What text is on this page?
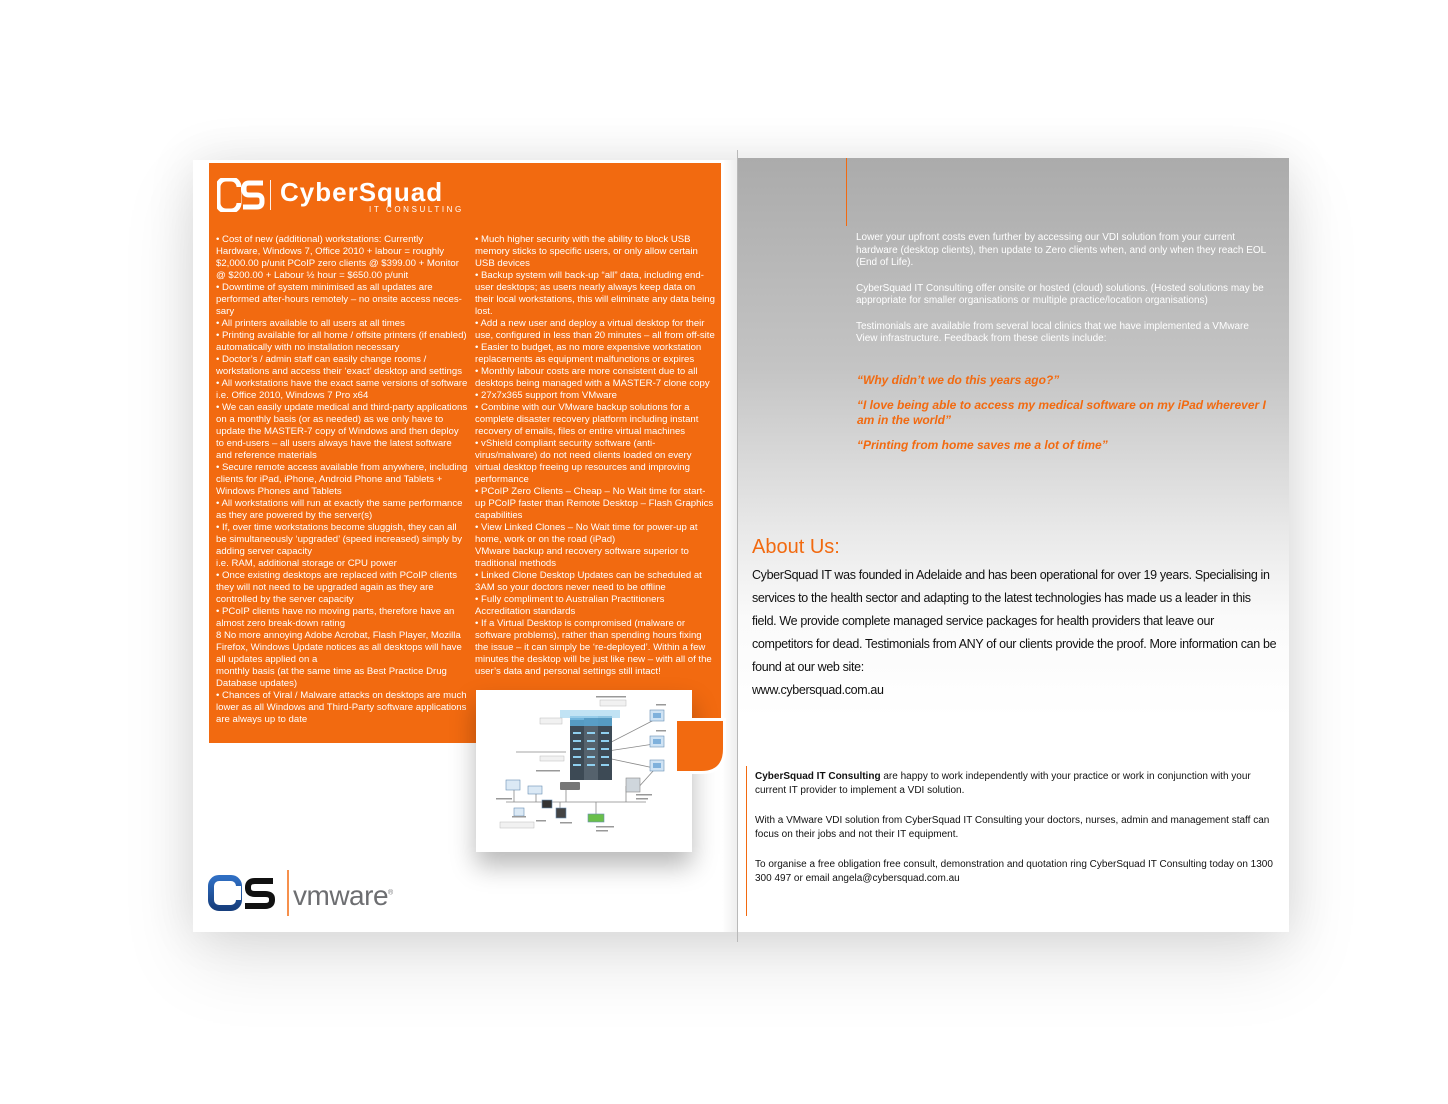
CyberSquad
IT CONSULTING

• Cost of new (additional) workstations: Currently Hardware, Windows 7, Office 2010 + labour = roughly $2,000.00 p/unit PCoIP zero clients @ $399.00 + Monitor @ $200.00 + Labour ½ hour = $650.00 p/unit

• Downtime of system minimised as all updates are performed after-hours remotely – no onsite access neces-sary

• All printers available to all users at all times

• Printing available for all home / offsite printers (if enabled) automatically with no installation necessary

• Doctor’s / admin staff can easily change rooms / workstations and access their ‘exact’ desktop and settings

• All workstations have the exact same versions of software i.e. Office 2010, Windows 7 Pro x64

• We can easily update medical and third-party applications on a monthly basis (or as needed) as we only have to update the MASTER-7 copy of Windows and then deploy to end-users – all users always have the latest software and reference materials

• Secure remote access available from anywhere, including clients for iPad, iPhone, Android Phone and Tablets + Windows Phones and Tablets

• All workstations will run at exactly the same performance as they are powered by the server(s)

• If, over time workstations become sluggish, they can all be simultaneously ‘upgraded’ (speed increased) simply by adding server capacity

i.e. RAM, additional storage or CPU power

• Once existing desktops are replaced with PCoIP clients they will not need to be upgraded again as they are controlled by the server capacity

• PCoIP clients have no moving parts, therefore have an almost zero break-down rating

8 No more annoying Adobe Acrobat, Flash Player, Mozilla Firefox, Windows Update notices as all desktops will have all updates applied on a

monthly basis (at the same time as Best Practice Drug Database updates)

• Chances of Viral / Malware attacks on desktops are much lower as all Windows and Third-Party software applications are always up to date

• Much higher security with the ability to block USB memory sticks to specific users, or only allow certain USB devices

• Backup system will back-up “all” data, including end-user desktops; as users nearly always keep data on their local workstations, this will eliminate any data being lost.

• Add a new user and deploy a virtual desktop for their use, configured in less than 20 minutes – all from off-site

• Easier to budget, as no more expensive workstation replacements as equipment malfunctions or expires

• Monthly labour costs are more consistent due to all desktops being managed with a MASTER-7 clone copy

• 27x7x365 support from VMware

• Combine with our VMware backup solutions for a complete disaster recovery platform including instant recovery of emails, files or entire virtual machines

• vShield compliant security software (anti-virus/malware) do not need clients loaded on every virtual desktop freeing up resources and improving performance

• PCoIP Zero Clients – Cheap – No Wait time for start-up PCoIP faster than Remote Desktop – Flash Graphics capabilities

• View Linked Clones – No Wait time for power-up at home, work or on the road (iPad)

VMware backup and recovery software superior to traditional methods

• Linked Clone Desktop Updates can be scheduled at 3AM so your doctors never need to be offline

• Fully compliment to Australian Practitioners Accreditation standards

• If a Virtual Desktop is compromised (malware or software problems), rather than spending hours fixing the issue – it can simply be ‘re-deployed’. Within a few minutes the desktop will be just like new – with all of the user’s data and personal settings still intact!

vmware®

Lower your upfront costs even further by accessing our VDI solution from your current hardware (desktop clients), then update to Zero clients when, and only when they reach EOL (End of Life).

CyberSquad IT Consulting offer onsite or hosted (cloud) solutions. (Hosted solutions may be appropriate for smaller organisations or multiple practice/location organisations)

Testimonials are available from several local clinics that we have implemented a VMware View infrastructure. Feedback from these clients include:

“Why didn’t we do this years ago?”
“I love being able to access my medical software on my iPad wherever I am in the world”
“Printing from home saves me a lot of time”
About Us:
CyberSquad IT was founded in Adelaide and has been operational for over 19 years. Specialising in services to the health sector and adapting to the latest technologies has made us a leader in this field. We provide complete managed service packages for health providers that leave our competitors for dead. Testimonials from ANY of our clients provide the proof. More information can be found at our web site:
www.cybersquad.com.au

CyberSquad IT Consulting are happy to work independently with your practice or work in conjunction with your current IT provider to implement a VDI solution.

With a VMware VDI solution from CyberSquad IT Consulting your doctors, nurses, admin and management staff can focus on their jobs and not their IT equipment.

To organise a free obligation free consult, demonstration and quotation ring CyberSquad IT Consulting today on 1300 300 497 or email angela@cybersquad.com.au
